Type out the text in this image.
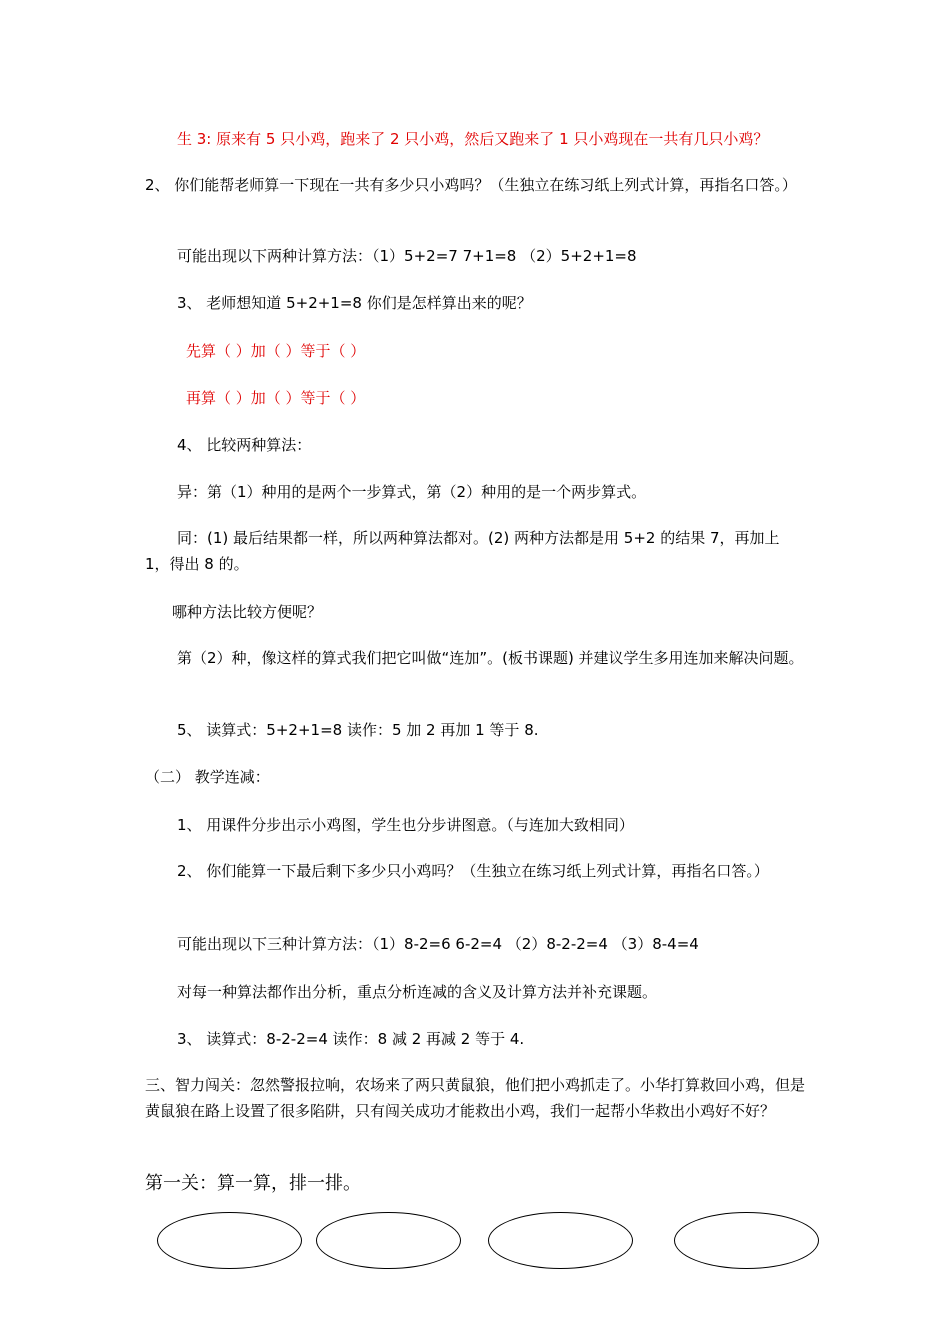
生 3: 原来有 5 只小鸡，跑来了 2 只小鸡，然后又跑来了 1 只小鸡现在一共有几只小鸡？
2、 你们能帮老师算一下现在一共有多少只小鸡吗？（生独立在练习纸上列式计算，再指名口答。）
可能出现以下两种计算方法：（1）5+2=7 7+1=8 （2）5+2+1=8
3、 老师想知道 5+2+1=8 你们是怎样算出来的呢？
先算（ ）加（ ）等于（ ）
再算（ ）加（ ）等于（ ）
4、 比较两种算法：
异：第（1）种用的是两个一步算式，第（2）种用的是一个两步算式。
同：(1) 最后结果都一样，所以两种算法都对。(2) 两种方法都是用 5+2 的结果 7，再加上 1，得出 8 的。
哪种方法比较方便呢？
第（2）种，像这样的算式我们把它叫做“连加”。(板书课题) 并建议学生多用连加来解决问题。
5、 读算式：5+2+1=8 读作：5 加 2 再加 1 等于 8.
（二） 教学连减：
1、 用课件分步出示小鸡图，学生也分步讲图意。（与连加大致相同）
2、 你们能算一下最后剩下多少只小鸡吗？（生独立在练习纸上列式计算，再指名口答。）
可能出现以下三种计算方法：（1）8-2=6 6-2=4 （2）8-2-2=4 （3）8-4=4
对每一种算法都作出分析，重点分析连减的含义及计算方法并补充课题。
3、 读算式：8-2-2=4 读作：8 减 2 再减 2 等于 4.
三、智力闯关：忽然警报拉响，农场来了两只黄鼠狼，他们把小鸡抓走了。小华打算救回小鸡，但是黄鼠狼在路上设置了很多陷阱，只有闯关成功才能救出小鸡，我们一起帮小华救出小鸡好不好？
第一关：算一算，排一排。
